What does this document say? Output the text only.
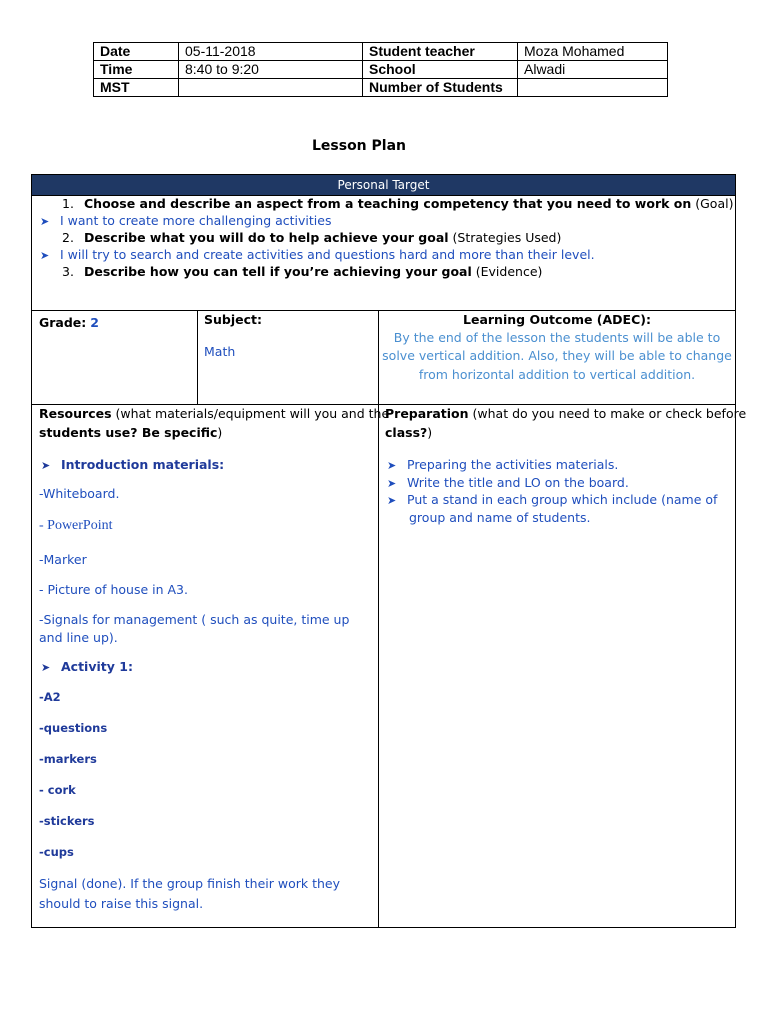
Date	05-11-2018	Student teacher	Moza Mohamed
Time	8:40 to 9:20	School	Alwadi
MST		Number of Students	
Lesson Plan
Personal Target
1. Choose and describe an aspect from a teaching competency that you need to work on (Goal)
➤ I want to create more challenging activities
2. Describe what you will do to help achieve your goal (Strategies Used)
➤ I will try to search and create activities and questions hard and more than their level.
3. Describe how you can tell if you’re achieving your goal (Evidence)
Grade: 2	Subject:
Math
Learning Outcome (ADEC):
By the end of the lesson the students will be able to
solve vertical addition. Also, they will be able to change
from horizontal addition to vertical addition.
Resources (what materials/equipment will you and the
students use? Be specific)
➤ Introduction materials:
-Whiteboard.
- PowerPoint
-Marker
- Picture of house in A3.
-Signals for management ( such as quite, time up
and line up).
➤ Activity 1:
-A2
-questions
-markers
- cork
-stickers
-cups
Signal (done). If the group finish their work they
should to raise this signal.
Preparation (what do you need to make or check before
class?)
➤ Preparing the activities materials.
➤ Write the title and LO on the board.
➤ Put a stand in each group which include (name of
group and name of students.
